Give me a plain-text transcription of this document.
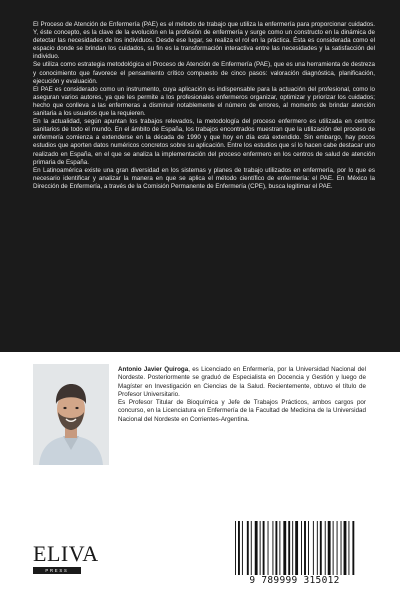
El Proceso de Atención de Enfermería (PAE) es el método de trabajo que utiliza la enfermería para proporcionar cuidados. Y, éste concepto, es la clave de la evolución en la profesión de enfermería y surge como un constructo en la dinámica de detectar las necesidades de los individuos. Desde ese lugar, se realiza el rol en la práctica. Ésta es considerada como el espacio donde se brindan los cuidados, su fin es la transformación interactiva entre las necesidades y la satisfacción del individuo.

Se utiliza como estrategia metodológica el Proceso de Atención de Enfermería (PAE), que es una herramienta de destreza y conocimiento que favorece el pensamiento crítico compuesto de cinco pasos: valoración diagnóstica, planificación, ejecución y evaluación.

El PAE es considerado como un instrumento, cuya aplicación es indispensable para la actuación del profesional, como lo aseguran varios autores, ya que les permite a los profesionales enfermeros organizar, optimizar y priorizar los cuidados; hecho que conlleva a las enfermeras a disminuir notablemente el número de errores, al momento de brindar atención sanitaria a los usuarios que la requieren.

En la actualidad, según apuntan los trabajos relevados, la metodología del proceso enfermero es utilizada en centros sanitarios de todo el mundo. En el ámbito de España, los trabajos encontrados muestran que la utilización del proceso de enfermería comienza a extenderse en la década de 1990 y que hoy en día está extendido. Sin embargo, hay pocos estudios que aporten datos numéricos concretos sobre su aplicación. Entre los estudios que sí lo hacen cabe destacar uno realizado en España, en el que se analiza la implementación del proceso enfermero en los centros de salud de atención primaria de España.

En Latinoamérica existe una gran diversidad en los sistemas y planes de trabajo utilizados en enfermería, por lo que es necesario identificar y analizar la manera en que se aplica el método científico de enfermería: el PAE. En México la Dirección de Enfermería, a través de la Comisión Permanente de Enfermería (CPE), busca legitimar el PAE.

Antonio Javier Quiroga, es Licenciado en Enfermería, por la Universidad Nacional del Nordeste. Posteriormente se graduó de Especialista en Docencia y Gestión y luego de Magíster en Investigación en Ciencias de la Salud. Recientemente, obtuvo el título de Profesor Universitario.

Es Profesor Titular de Bioquímica y Jefe de Trabajos Prácticos, ambos cargos por concurso, en la Licenciatura en Enfermería de la Facultad de Medicina de la Universidad Nacional del Nordeste en Corrientes-Argentina.

ELIVA
PRESS
9 789999 315012
